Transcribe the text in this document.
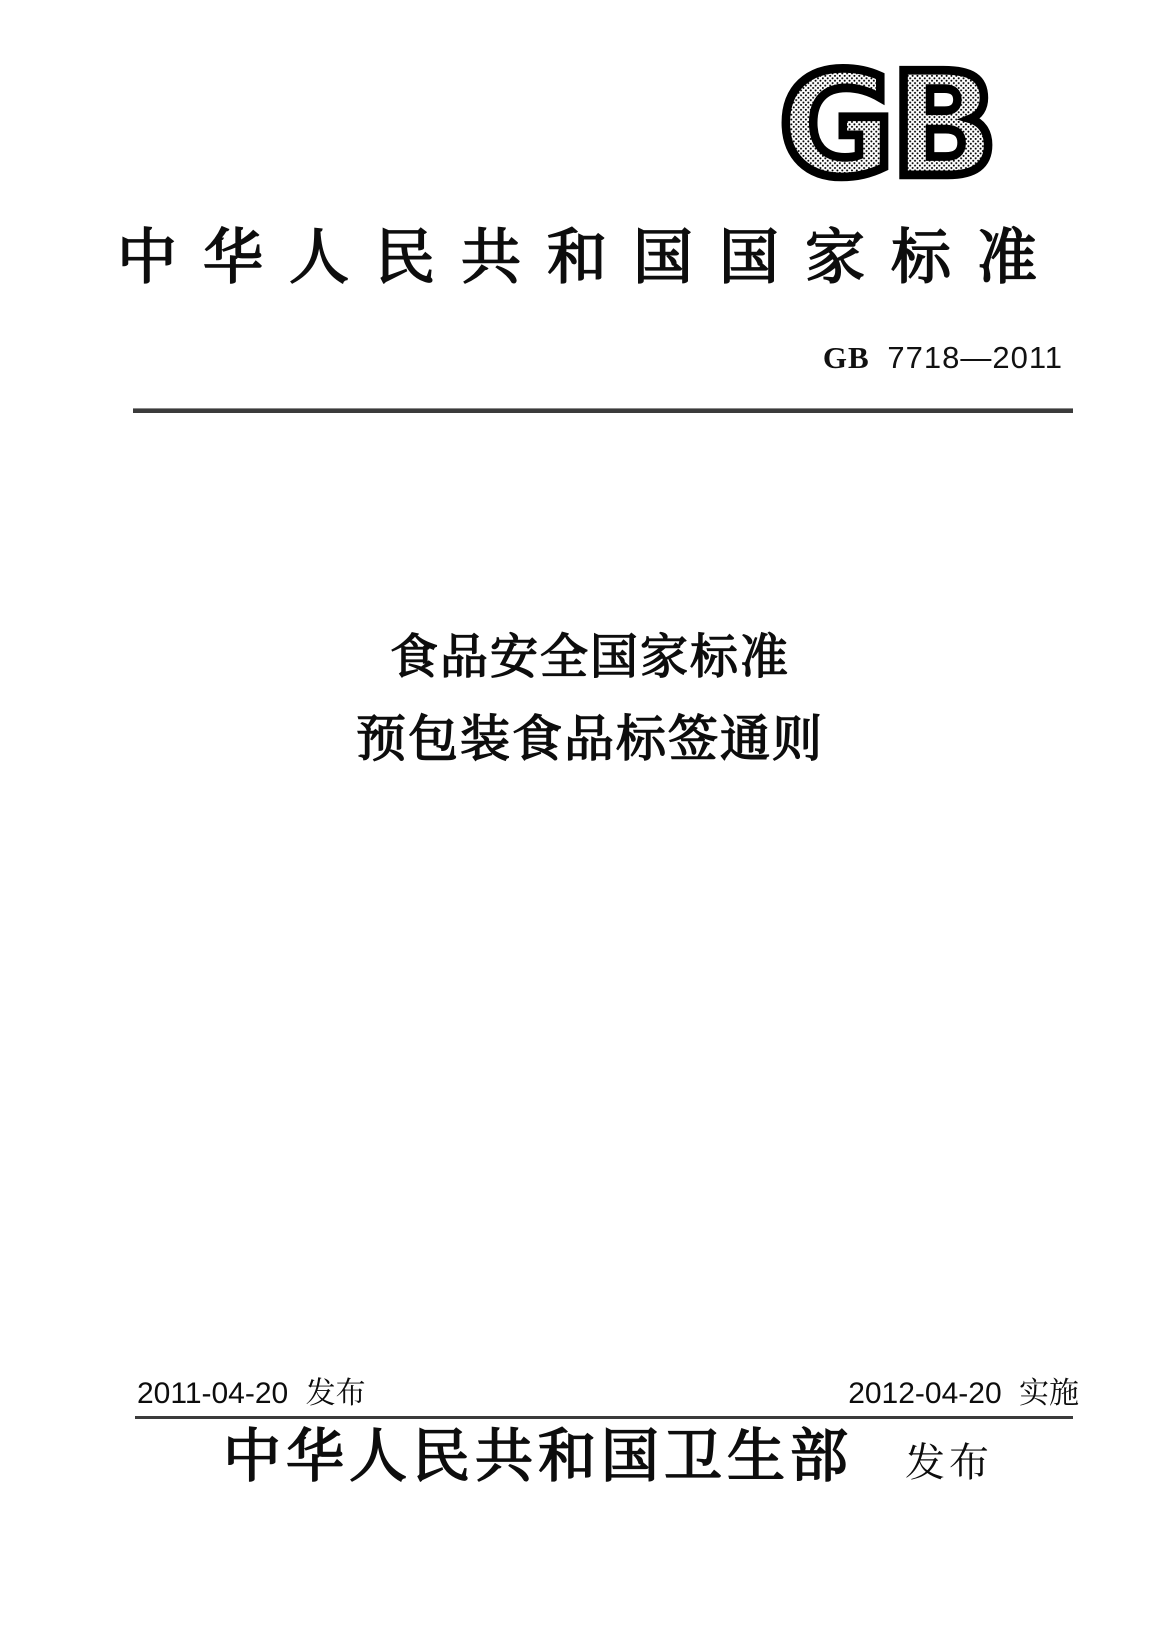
GB
中华人民共和国国家标准
GB 7718—2011
食品安全国家标准
预包装食品标签通则
2011-04-20 发布	2012-04-20 实施
中华人民共和国卫生部 发布
